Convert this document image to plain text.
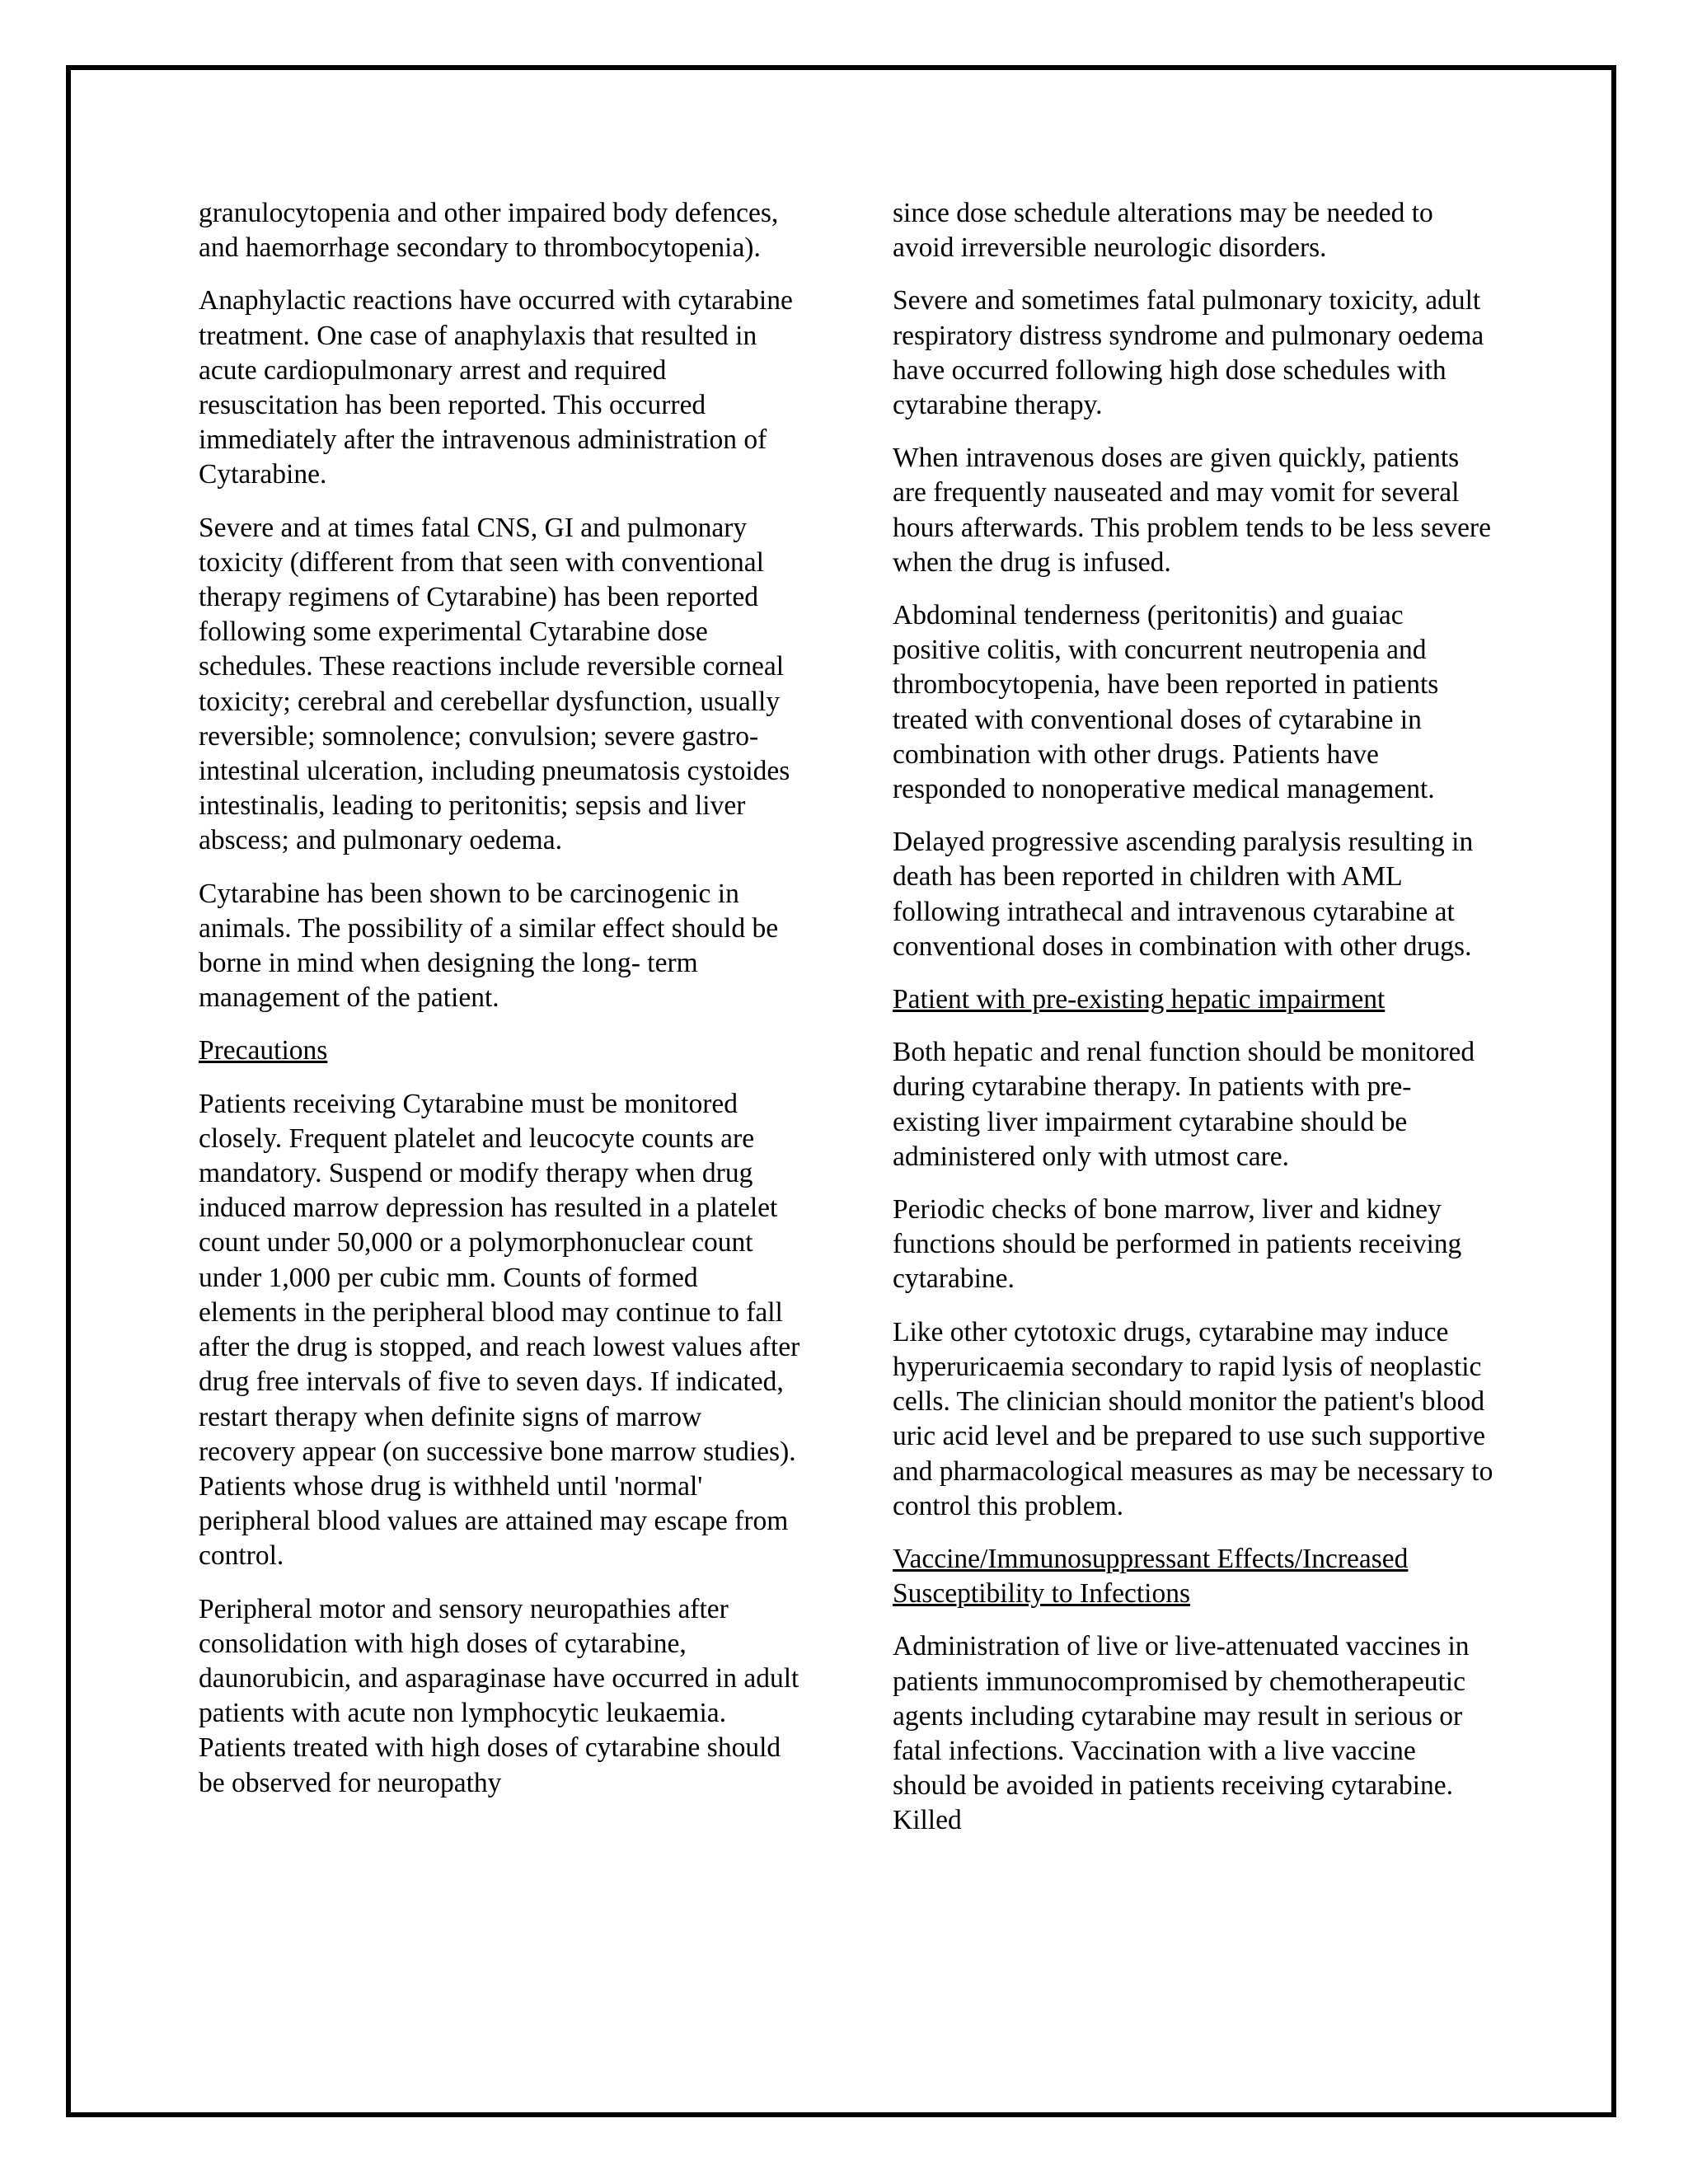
granulocytopenia and other impaired body defences, and haemorrhage secondary to thrombocytopenia).

Anaphylactic reactions have occurred with cytarabine treatment. One case of anaphylaxis that resulted in acute cardiopulmonary arrest and required resuscitation has been reported. This occurred immediately after the intravenous administration of Cytarabine.

Severe and at times fatal CNS, GI and pulmonary toxicity (different from that seen with conventional therapy regimens of Cytarabine) has been reported following some experimental Cytarabine dose schedules. These reactions include reversible corneal toxicity; cerebral and cerebellar dysfunction, usually reversible; somnolence; convulsion; severe gastro-intestinal ulceration, including pneumatosis cystoides intestinalis, leading to peritonitis; sepsis and liver abscess; and pulmonary oedema.

Cytarabine has been shown to be carcinogenic in animals. The possibility of a similar effect should be borne in mind when designing the long- term management of the patient.

Precautions

Patients receiving Cytarabine must be monitored closely. Frequent platelet and leucocyte counts are mandatory. Suspend or modify therapy when drug induced marrow depression has resulted in a platelet count under 50,000 or a polymorphonuclear count under 1,000 per cubic mm. Counts of formed elements in the peripheral blood may continue to fall after the drug is stopped, and reach lowest values after drug free intervals of five to seven days. If indicated, restart therapy when definite signs of marrow recovery appear (on successive bone marrow studies). Patients whose drug is withheld until 'normal' peripheral blood values are attained may escape from control.

Peripheral motor and sensory neuropathies after consolidation with high doses of cytarabine, daunorubicin, and asparaginase have occurred in adult patients with acute non lymphocytic leukaemia. Patients treated with high doses of cytarabine should be observed for neuropathy

since dose schedule alterations may be needed to avoid irreversible neurologic disorders.

Severe and sometimes fatal pulmonary toxicity, adult respiratory distress syndrome and pulmonary oedema have occurred following high dose schedules with cytarabine therapy.

When intravenous doses are given quickly, patients are frequently nauseated and may vomit for several hours afterwards. This problem tends to be less severe when the drug is infused.

Abdominal tenderness (peritonitis) and guaiac positive colitis, with concurrent neutropenia and thrombocytopenia, have been reported in patients treated with conventional doses of cytarabine in combination with other drugs. Patients have responded to nonoperative medical management.

Delayed progressive ascending paralysis resulting in death has been reported in children with AML following intrathecal and intravenous cytarabine at conventional doses in combination with other drugs.

Patient with pre-existing hepatic impairment

Both hepatic and renal function should be monitored during cytarabine therapy. In patients with pre-existing liver impairment cytarabine should be administered only with utmost care.

Periodic checks of bone marrow, liver and kidney functions should be performed in patients receiving cytarabine.

Like other cytotoxic drugs, cytarabine may induce hyperuricaemia secondary to rapid lysis of neoplastic cells. The clinician should monitor the patient's blood uric acid level and be prepared to use such supportive and pharmacological measures as may be necessary to control this problem.

Vaccine/Immunosuppressant Effects/Increased Susceptibility to Infections

Administration of live or live-attenuated vaccines in patients immunocompromised by chemotherapeutic agents including cytarabine may result in serious or fatal infections. Vaccination with a live vaccine should be avoided in patients receiving cytarabine. Killed
